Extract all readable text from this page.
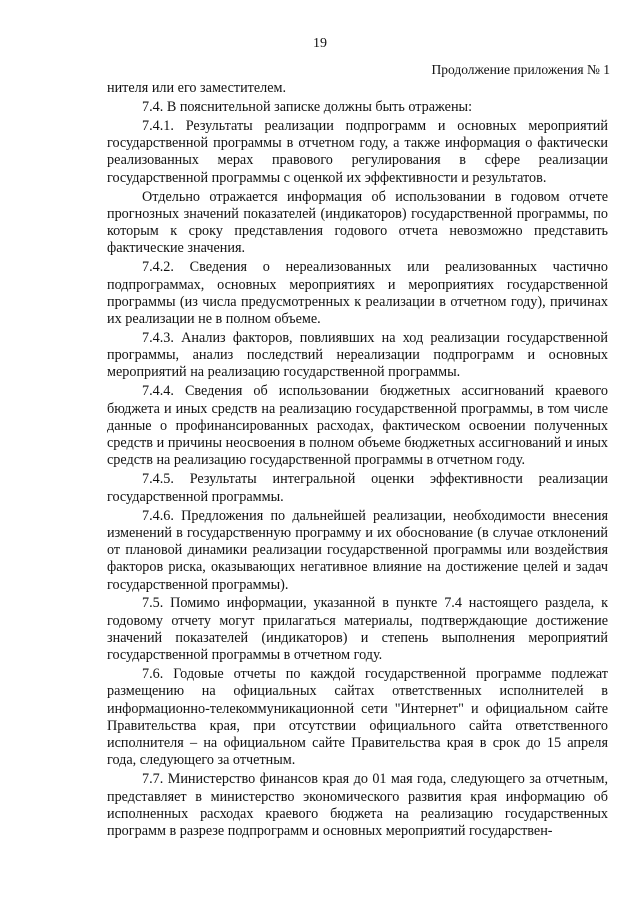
19
Продолжение приложения № 1

нителя или его заместителем.

7.4. В пояснительной записке должны быть отражены:

7.4.1. Результаты реализации подпрограмм и основных мероприятий государственной программы в отчетном году, а также информация о фактически реализованных мерах правового регулирования в сфере реализации государственной программы с оценкой их эффективности и результатов.

Отдельно отражается информация об использовании в годовом отчете прогнозных значений показателей (индикаторов) государственной программы, по которым к сроку представления годового отчета невозможно представить фактические значения.

7.4.2. Сведения о нереализованных или реализованных частично подпрограммах, основных мероприятиях и мероприятиях государственной программы (из числа предусмотренных к реализации в отчетном году), причинах их реализации не в полном объеме.

7.4.3. Анализ факторов, повлиявших на ход реализации государственной программы, анализ последствий нереализации подпрограмм и основных мероприятий на реализацию государственной программы.

7.4.4. Сведения об использовании бюджетных ассигнований краевого бюджета и иных средств на реализацию государственной программы, в том числе данные о профинансированных расходах, фактическом освоении полученных средств и причины неосвоения в полном объеме бюджетных ассигнований и иных средств на реализацию государственной программы в отчетном году.

7.4.5. Результаты интегральной оценки эффективности реализации государственной программы.

7.4.6. Предложения по дальнейшей реализации, необходимости внесения изменений в государственную программу и их обоснование (в случае отклонений от плановой динамики реализации государственной программы или воздействия факторов риска, оказывающих негативное влияние на достижение целей и задач государственной программы).

7.5. Помимо информации, указанной в пункте 7.4 настоящего раздела, к годовому отчету могут прилагаться материалы, подтверждающие достижение значений показателей (индикаторов) и степень выполнения мероприятий государственной программы в отчетном году.

7.6. Годовые отчеты по каждой государственной программе подлежат размещению на официальных сайтах ответственных исполнителей в информационно-телекоммуникационной сети "Интернет" и официальном сайте Правительства края, при отсутствии официального сайта ответственного исполнителя – на официальном сайте Правительства края в срок до 15 апреля года, следующего за отчетным.

7.7. Министерство финансов края до 01 мая года, следующего за отчетным, представляет в министерство экономического развития края информацию об исполненных расходах краевого бюджета на реализацию государственных программ в разрезе подпрограмм и основных мероприятий государствен-
